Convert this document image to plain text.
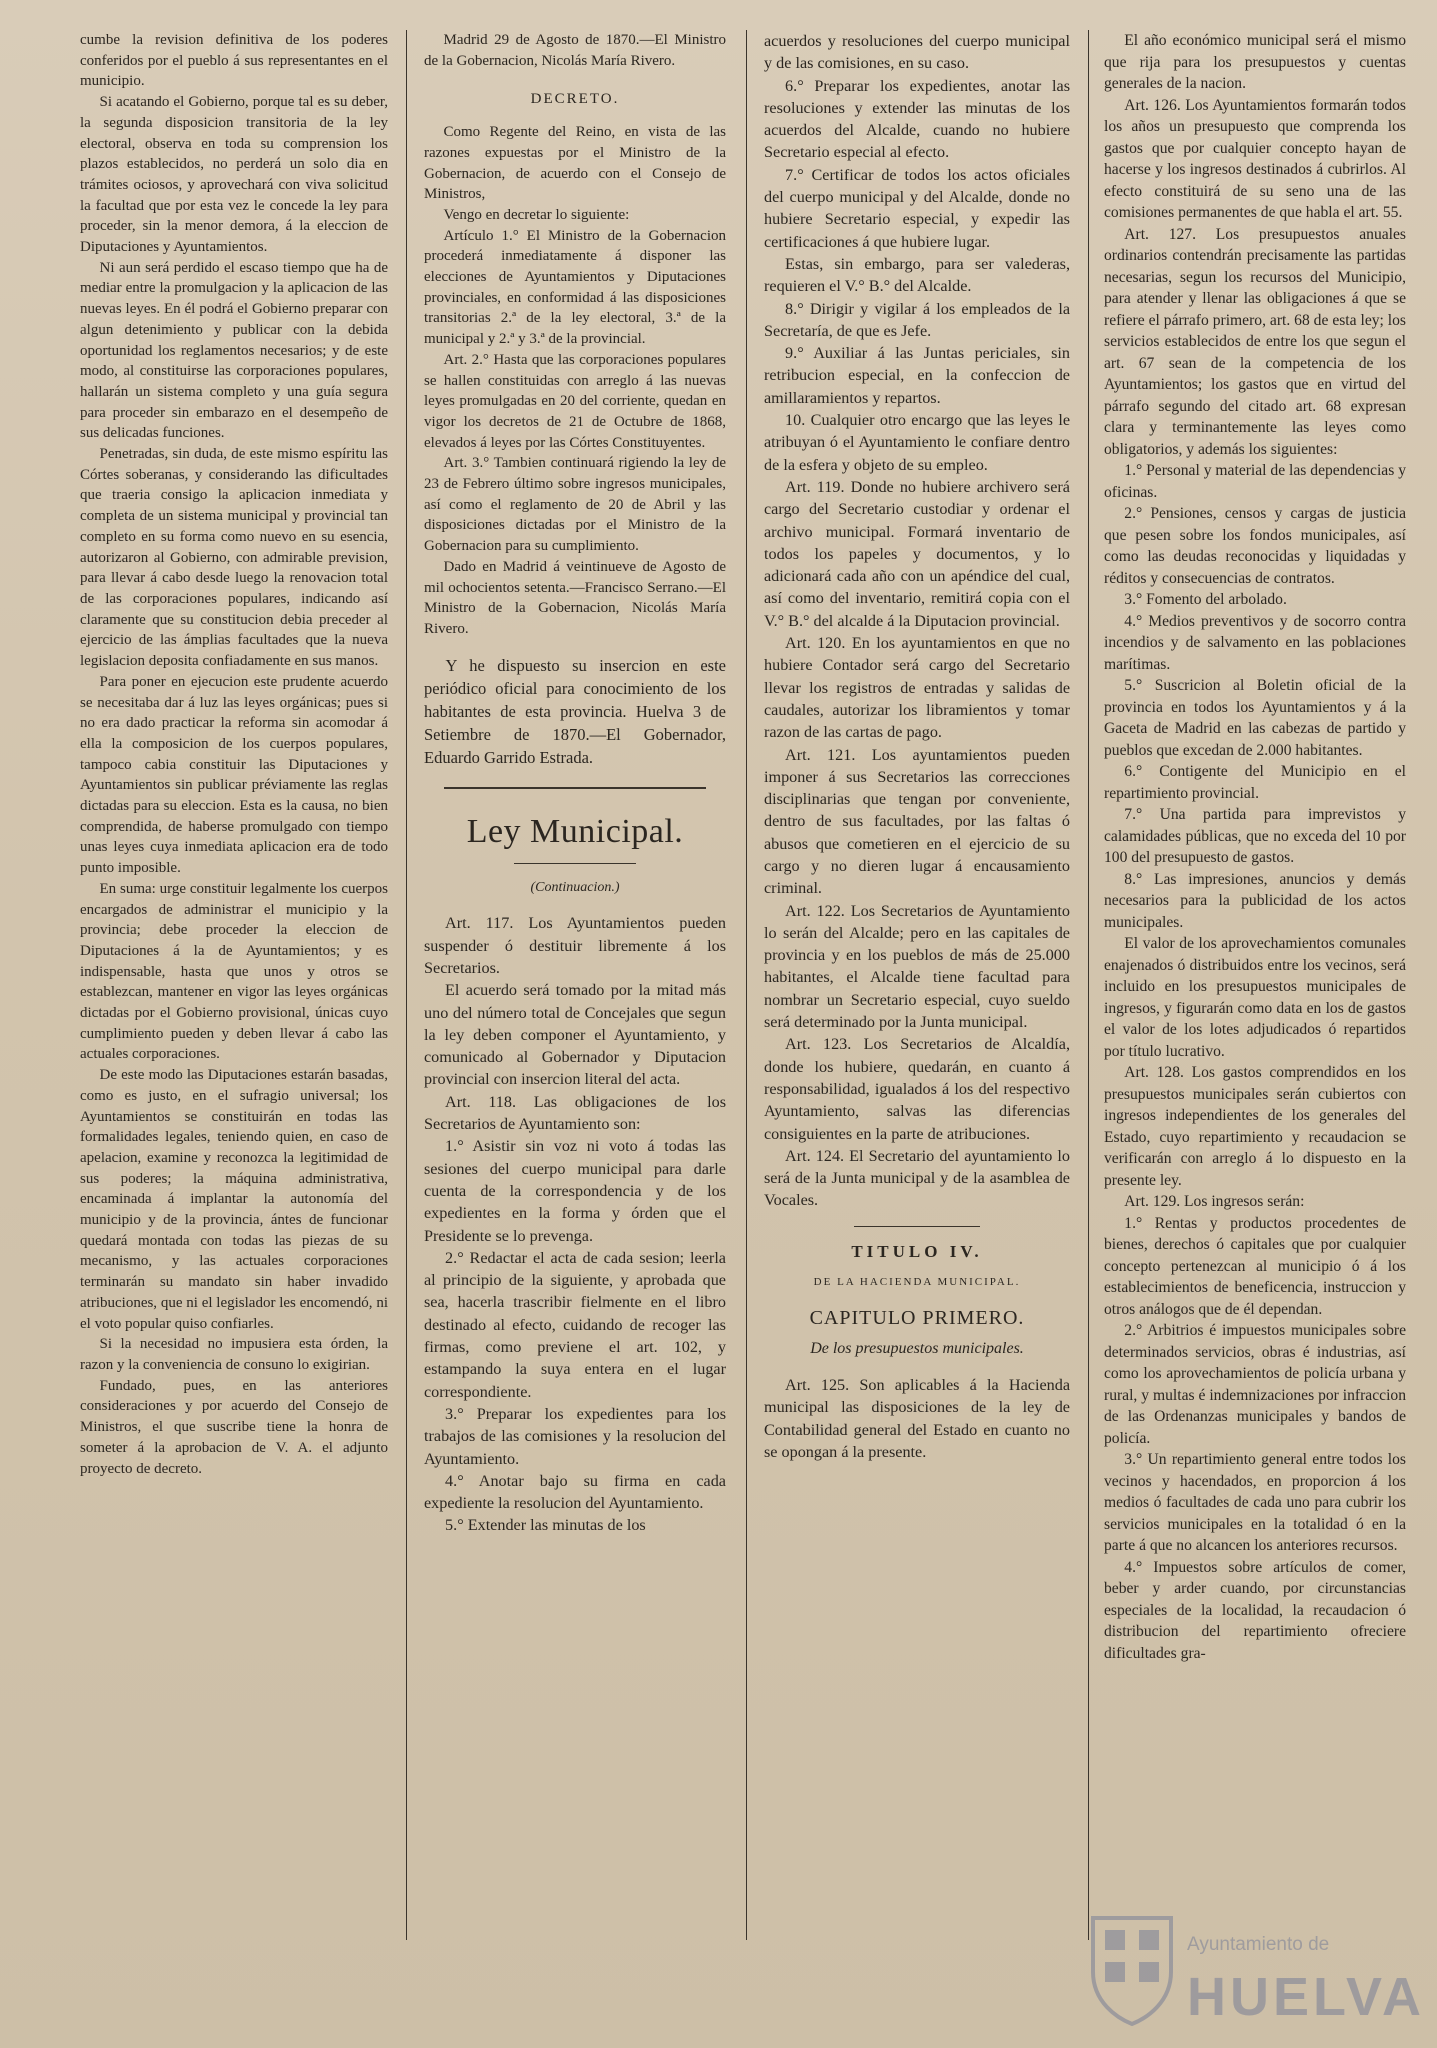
cumbe la revision definitiva de los poderes conferidos por el pueblo á sus representantes en el municipio.

Si acatando el Gobierno, porque tal es su deber, la segunda disposicion transitoria de la ley electoral, observa en toda su comprension los plazos establecidos, no perderá un solo dia en trámites ociosos, y aprovechará con viva solicitud la facultad que por esta vez le concede la ley para proceder, sin la menor demora, á la eleccion de Diputaciones y Ayuntamientos.

Ni aun será perdido el escaso tiempo que ha de mediar entre la promulgacion y la aplicacion de las nuevas leyes. En él podrá el Gobierno preparar con algun detenimiento y publicar con la debida oportunidad los reglamentos necesarios; y de este modo, al constituirse las corporaciones populares, hallarán un sistema completo y una guía segura para proceder sin embarazo en el desempeño de sus delicadas funciones.

Penetradas, sin duda, de este mismo espíritu las Córtes soberanas, y considerando las dificultades que traeria consigo la aplicacion inmediata y completa de un sistema municipal y provincial tan completo en su forma como nuevo en su esencia, autorizaron al Gobierno, con admirable prevision, para llevar á cabo desde luego la renovacion total de las corporaciones populares, indicando así claramente que su constitucion debia preceder al ejercicio de las ámplias facultades que la nueva legislacion deposita confiadamente en sus manos.

Para poner en ejecucion este prudente acuerdo se necesitaba dar á luz las leyes orgánicas; pues si no era dado practicar la reforma sin acomodar á ella la composicion de los cuerpos populares, tampoco cabia constituir las Diputaciones y Ayuntamientos sin publicar préviamente las reglas dictadas para su eleccion. Esta es la causa, no bien comprendida, de haberse promulgado con tiempo unas leyes cuya inmediata aplicacion era de todo punto imposible.

En suma: urge constituir legalmente los cuerpos encargados de administrar el municipio y la provincia; debe proceder la eleccion de Diputaciones á la de Ayuntamientos; y es indispensable, hasta que unos y otros se establezcan, mantener en vigor las leyes orgánicas dictadas por el Gobierno provisional, únicas cuyo cumplimiento pueden y deben llevar á cabo las actuales corporaciones.

De este modo las Diputaciones estarán basadas, como es justo, en el sufragio universal; los Ayuntamientos se constituirán en todas las formalidades legales, teniendo quien, en caso de apelacion, examine y reconozca la legitimidad de sus poderes; la máquina administrativa, encaminada á implantar la autonomía del municipio y de la provincia, ántes de funcionar quedará montada con todas las piezas de su mecanismo, y las actuales corporaciones terminarán su mandato sin haber invadido atribuciones, que ni el legislador les encomendó, ni el voto popular quiso confiarles.

Si la necesidad no impusiera esta órden, la razon y la conveniencia de consuno lo exigirian.

Fundado, pues, en las anteriores consideraciones y por acuerdo del Consejo de Ministros, el que suscribe tiene la honra de someter á la aprobacion de V. A. el adjunto proyecto de decreto.

Madrid 29 de Agosto de 1870.—El Ministro de la Gobernacion, Nicolás María Rivero.

DECRETO.

Como Regente del Reino, en vista de las razones expuestas por el Ministro de la Gobernacion, de acuerdo con el Consejo de Ministros,

Vengo en decretar lo siguiente:

Artículo 1.° El Ministro de la Gobernacion procederá inmediatamente á disponer las elecciones de Ayuntamientos y Diputaciones provinciales, en conformidad á las disposiciones transitorias 2.ª de la ley electoral, 3.ª de la municipal y 2.ª y 3.ª de la provincial.

Art. 2.° Hasta que las corporaciones populares se hallen constituidas con arreglo á las nuevas leyes promulgadas en 20 del corriente, quedan en vigor los decretos de 21 de Octubre de 1868, elevados á leyes por las Córtes Constituyentes.

Art. 3.° Tambien continuará rigiendo la ley de 23 de Febrero último sobre ingresos municipales, así como el reglamento de 20 de Abril y las disposiciones dictadas por el Ministro de la Gobernacion para su cumplimiento.

Dado en Madrid á veintinueve de Agosto de mil ochocientos setenta.—Francisco Serrano.—El Ministro de la Gobernacion, Nicolás María Rivero.

Y he dispuesto su insercion en este periódico oficial para conocimiento de los habitantes de esta provincia. Huelva 3 de Setiembre de 1870.—El Gobernador, Eduardo Garrido Estrada.

Ley Municipal.

(Continuacion.)

Art. 117. Los Ayuntamientos pueden suspender ó destituir libremente á los Secretarios.

El acuerdo será tomado por la mitad más uno del número total de Concejales que segun la ley deben componer el Ayuntamiento, y comunicado al Gobernador y Diputacion provincial con insercion literal del acta.

Art. 118. Las obligaciones de los Secretarios de Ayuntamiento son:

1.° Asistir sin voz ni voto á todas las sesiones del cuerpo municipal para darle cuenta de la correspondencia y de los expedientes en la forma y órden que el Presidente se lo prevenga.

2.° Redactar el acta de cada sesion; leerla al principio de la siguiente, y aprobada que sea, hacerla trascribir fielmente en el libro destinado al efecto, cuidando de recoger las firmas, como previene el art. 102, y estampando la suya entera en el lugar correspondiente.

3.° Preparar los expedientes para los trabajos de las comisiones y la resolucion del Ayuntamiento.

4.° Anotar bajo su firma en cada expediente la resolucion del Ayuntamiento.

5.° Extender las minutas de los

acuerdos y resoluciones del cuerpo municipal y de las comisiones, en su caso.

6.° Preparar los expedientes, anotar las resoluciones y extender las minutas de los acuerdos del Alcalde, cuando no hubiere Secretario especial al efecto.

7.° Certificar de todos los actos oficiales del cuerpo municipal y del Alcalde, donde no hubiere Secretario especial, y expedir las certificaciones á que hubiere lugar.

Estas, sin embargo, para ser valederas, requieren el V.° B.° del Alcalde.

8.° Dirigir y vigilar á los empleados de la Secretaría, de que es Jefe.

9.° Auxiliar á las Juntas periciales, sin retribucion especial, en la confeccion de amillaramientos y repartos.

10. Cualquier otro encargo que las leyes le atribuyan ó el Ayuntamiento le confiare dentro de la esfera y objeto de su empleo.

Art. 119. Donde no hubiere archivero será cargo del Secretario custodiar y ordenar el archivo municipal. Formará inventario de todos los papeles y documentos, y lo adicionará cada año con un apéndice del cual, así como del inventario, remitirá copia con el V.° B.° del alcalde á la Diputacion provincial.

Art. 120. En los ayuntamientos en que no hubiere Contador será cargo del Secretario llevar los registros de entradas y salidas de caudales, autorizar los libramientos y tomar razon de las cartas de pago.

Art. 121. Los ayuntamientos pueden imponer á sus Secretarios las correcciones disciplinarias que tengan por conveniente, dentro de sus facultades, por las faltas ó abusos que cometieren en el ejercicio de su cargo y no dieren lugar á encausamiento criminal.

Art. 122. Los Secretarios de Ayuntamiento lo serán del Alcalde; pero en las capitales de provincia y en los pueblos de más de 25.000 habitantes, el Alcalde tiene facultad para nombrar un Secretario especial, cuyo sueldo será determinado por la Junta municipal.

Art. 123. Los Secretarios de Alcaldía, donde los hubiere, quedarán, en cuanto á responsabilidad, igualados á los del respectivo Ayuntamiento, salvas las diferencias consiguientes en la parte de atribuciones.

Art. 124. El Secretario del ayuntamiento lo será de la Junta municipal y de la asamblea de Vocales.

TITULO IV.

DE LA HACIENDA MUNICIPAL.

CAPITULO PRIMERO.

De los presupuestos municipales.

Art. 125. Son aplicables á la Hacienda municipal las disposiciones de la ley de Contabilidad general del Estado en cuanto no se opongan á la presente.

El año económico municipal será el mismo que rija para los presupuestos y cuentas generales de la nacion.

Art. 126. Los Ayuntamientos formarán todos los años un presupuesto que comprenda los gastos que por cualquier concepto hayan de hacerse y los ingresos destinados á cubrirlos. Al efecto constituirá de su seno una de las comisiones permanentes de que habla el art. 55.

Art. 127. Los presupuestos anuales ordinarios contendrán precisamente las partidas necesarias, segun los recursos del Municipio, para atender y llenar las obligaciones á que se refiere el párrafo primero, art. 68 de esta ley; los servicios establecidos de entre los que segun el art. 67 sean de la competencia de los Ayuntamientos; los gastos que en virtud del párrafo segundo del citado art. 68 expresan clara y terminantemente las leyes como obligatorios, y además los siguientes:

1.° Personal y material de las dependencias y oficinas.

2.° Pensiones, censos y cargas de justicia que pesen sobre los fondos municipales, así como las deudas reconocidas y liquidadas y réditos y consecuencias de contratos.

3.° Fomento del arbolado.

4.° Medios preventivos y de socorro contra incendios y de salvamento en las poblaciones marítimas.

5.° Suscricion al Boletin oficial de la provincia en todos los Ayuntamientos y á la Gaceta de Madrid en las cabezas de partido y pueblos que excedan de 2.000 habitantes.

6.° Contigente del Municipio en el repartimiento provincial.

7.° Una partida para imprevistos y calamidades públicas, que no exceda del 10 por 100 del presupuesto de gastos.

8.° Las impresiones, anuncios y demás necesarios para la publicidad de los actos municipales.

El valor de los aprovechamientos comunales enajenados ó distribuidos entre los vecinos, será incluido en los presupuestos municipales de ingresos, y figurarán como data en los de gastos el valor de los lotes adjudicados ó repartidos por título lucrativo.

Art. 128. Los gastos comprendidos en los presupuestos municipales serán cubiertos con ingresos independientes de los generales del Estado, cuyo repartimiento y recaudacion se verificarán con arreglo á lo dispuesto en la presente ley.

Art. 129. Los ingresos serán:

1.° Rentas y productos procedentes de bienes, derechos ó capitales que por cualquier concepto pertenezcan al municipio ó á los establecimientos de beneficencia, instruccion y otros análogos que de él dependan.

2.° Arbitrios é impuestos municipales sobre determinados servicios, obras é industrias, así como los aprovechamientos de policía urbana y rural, y multas é indemnizaciones por infraccion de las Ordenanzas municipales y bandos de policía.

3.° Un repartimiento general entre todos los vecinos y hacendados, en proporcion á los medios ó facultades de cada uno para cubrir los servicios municipales en la totalidad ó en la parte á que no alcancen los anteriores recursos.

4.° Impuestos sobre artículos de comer, beber y arder cuando, por circunstancias especiales de la localidad, la recaudacion ó distribucion del repartimiento ofreciere dificultades gra-

Ayuntamiento de
HUELVA
